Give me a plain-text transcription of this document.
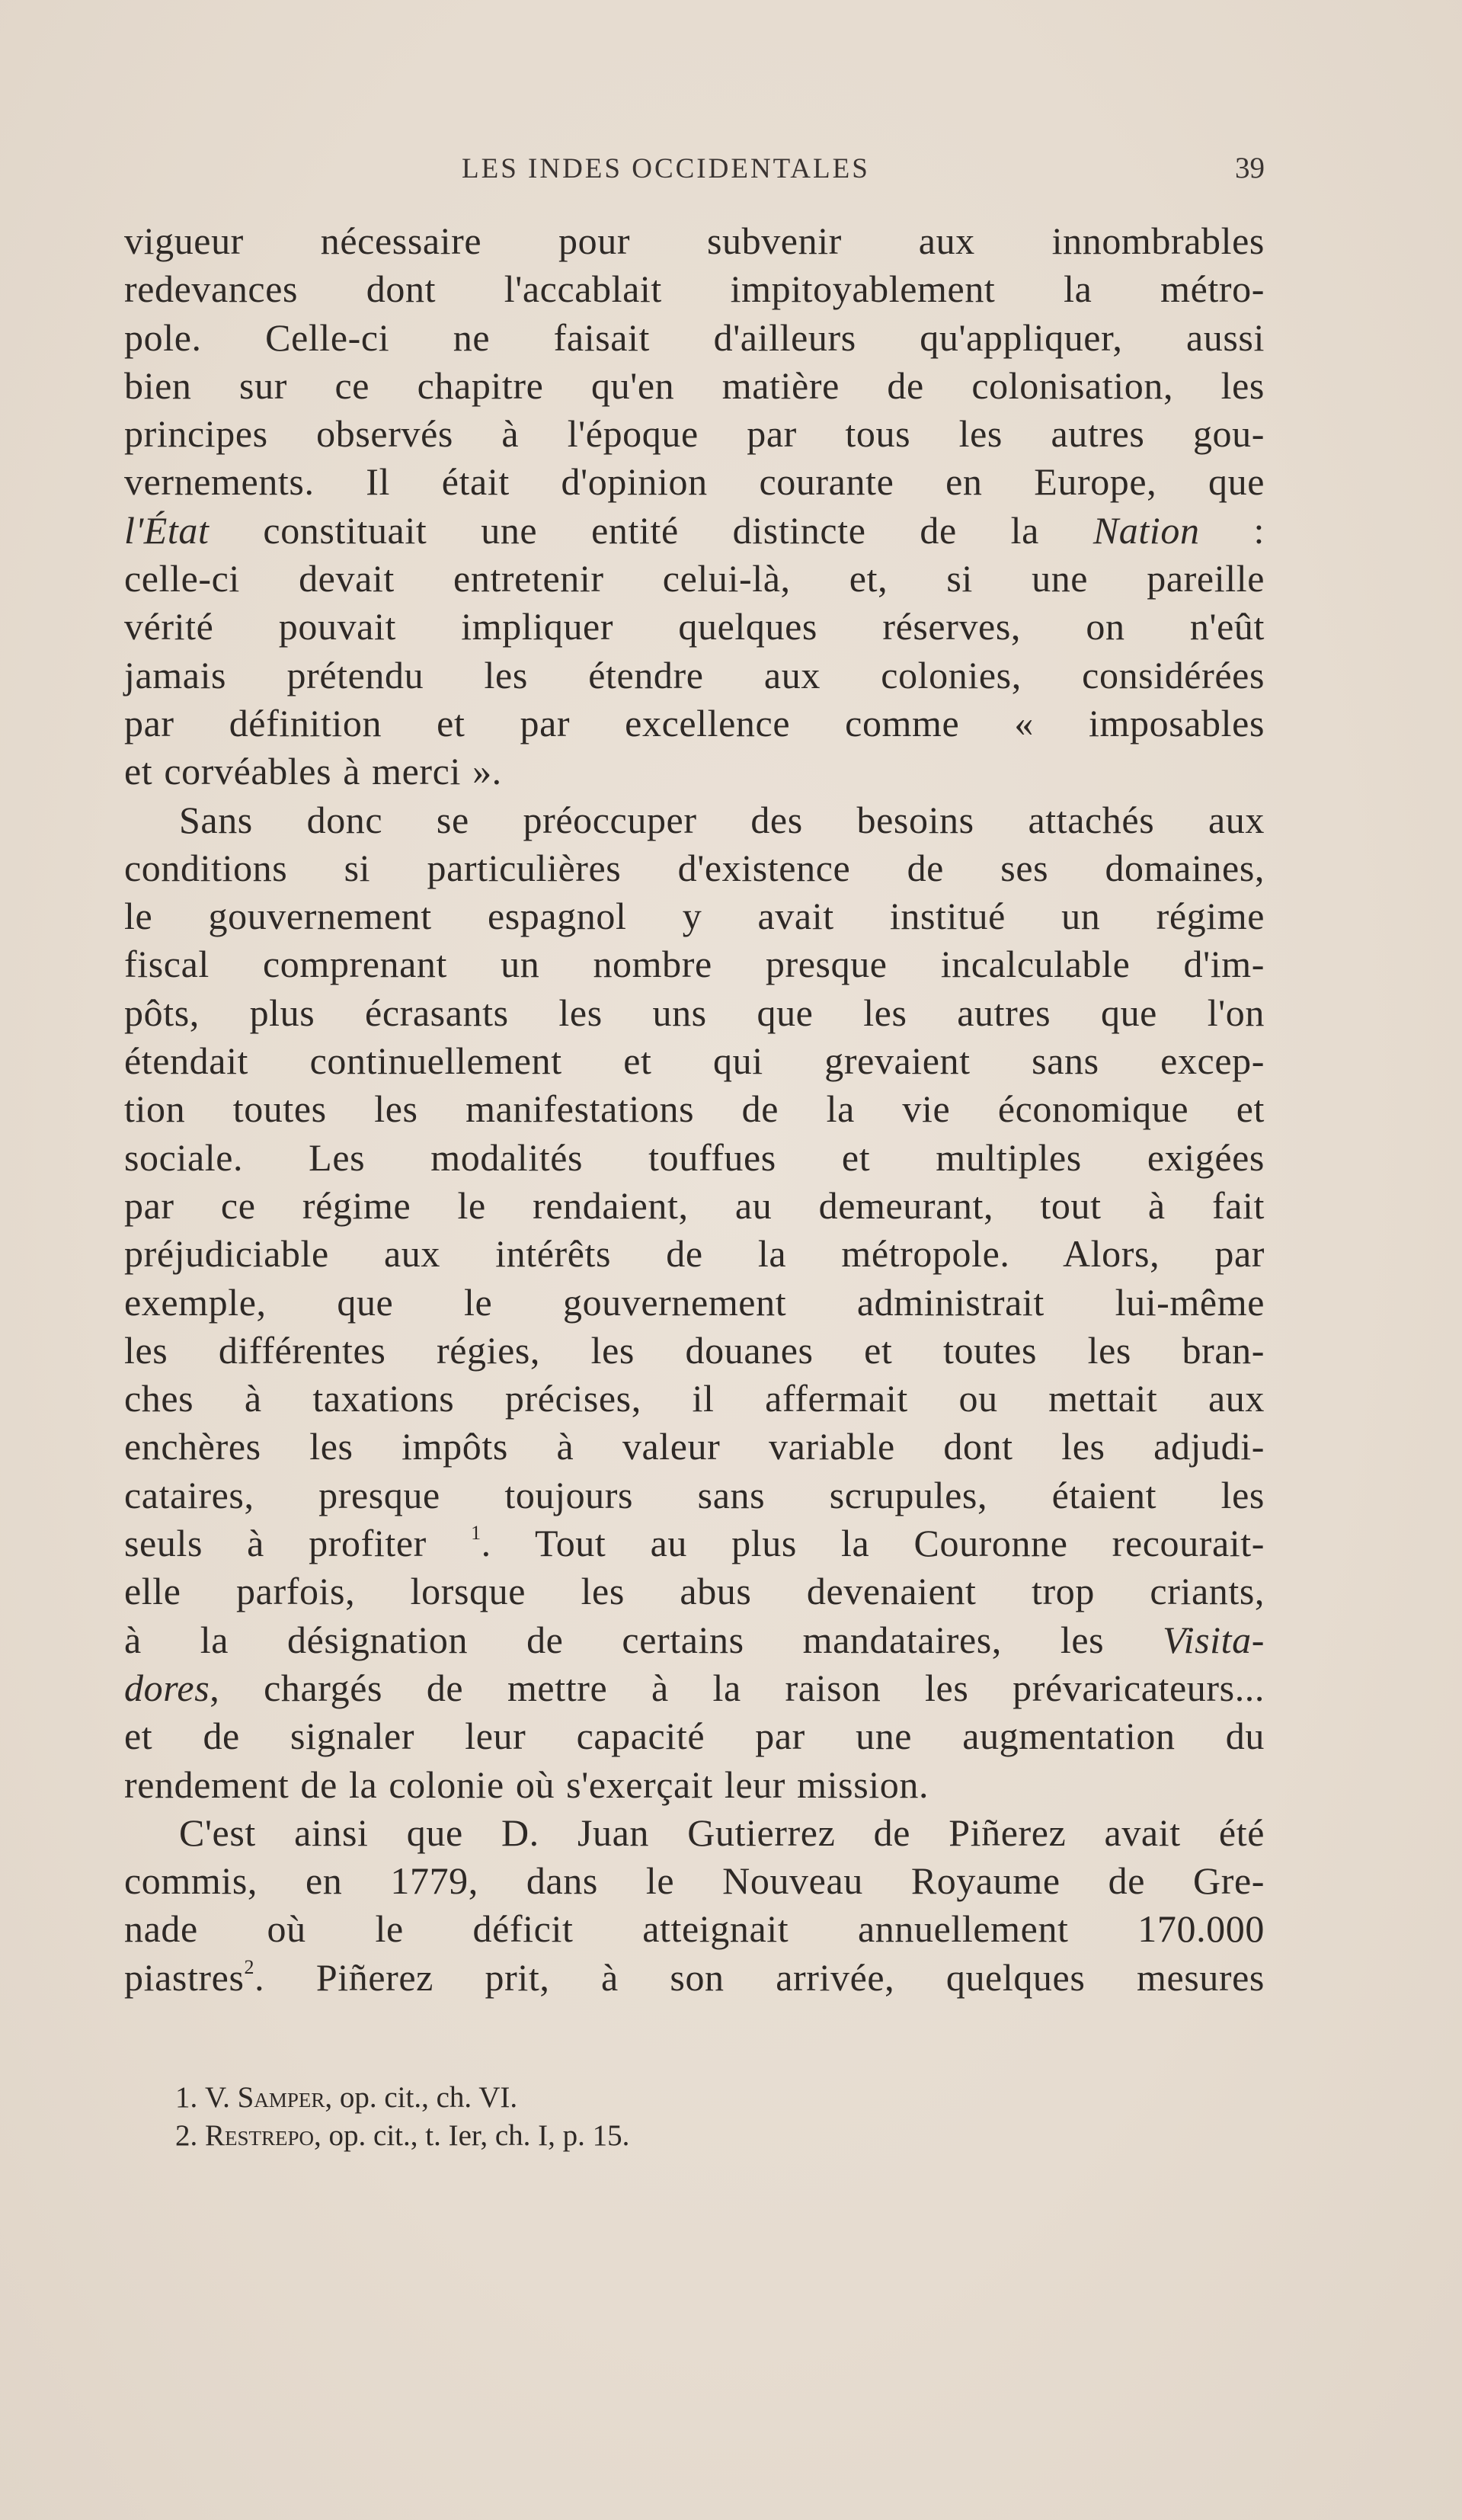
LES INDES OCCIDENTALES	39
vigueur nécessaire pour subvenir aux innombrables
redevances dont l'accablait impitoyablement la métro-
pole. Celle-ci ne faisait d'ailleurs qu'appliquer, aussi
bien sur ce chapitre qu'en matière de colonisation, les
principes observés à l'époque par tous les autres gou-
vernements. Il était d'opinion courante en Europe, que
l'État constituait une entité distincte de la Nation :
celle-ci devait entretenir celui-là, et, si une pareille
vérité pouvait impliquer quelques réserves, on n'eût
jamais prétendu les étendre aux colonies, considérées
par définition et par excellence comme « imposables
et corvéables à merci ».
Sans donc se préoccuper des besoins attachés aux
conditions si particulières d'existence de ses domaines,
le gouvernement espagnol y avait institué un régime
fiscal comprenant un nombre presque incalculable d'im-
pôts, plus écrasants les uns que les autres que l'on
étendait continuellement et qui grevaient sans excep-
tion toutes les manifestations de la vie économique et
sociale. Les modalités touffues et multiples exigées
par ce régime le rendaient, au demeurant, tout à fait
préjudiciable aux intérêts de la métropole. Alors, par
exemple, que le gouvernement administrait lui-même
les différentes régies, les douanes et toutes les bran-
ches à taxations précises, il affermait ou mettait aux
enchères les impôts à valeur variable dont les adjudi-
cataires, presque toujours sans scrupules, étaient les
seuls à profiter $^1$. Tout au plus la Couronne recourait-
elle parfois, lorsque les abus devenaient trop criants,
à la désignation de certains mandataires, les Visita-
dores, chargés de mettre à la raison les prévaricateurs...
et de signaler leur capacité par une augmentation du
rendement de la colonie où s'exerçait leur mission.
C'est ainsi que D. Juan Gutierrez de Piñerez avait été
commis, en 1779, dans le Nouveau Royaume de Gre-
nade où le déficit atteignait annuellement 170.000
piastres$^2$. Piñerez prit, à son arrivée, quelques mesures
1. V. Samper, op. cit., ch. VI.
2. Restrepo, op. cit., t. Ier, ch. I, p. 15.
